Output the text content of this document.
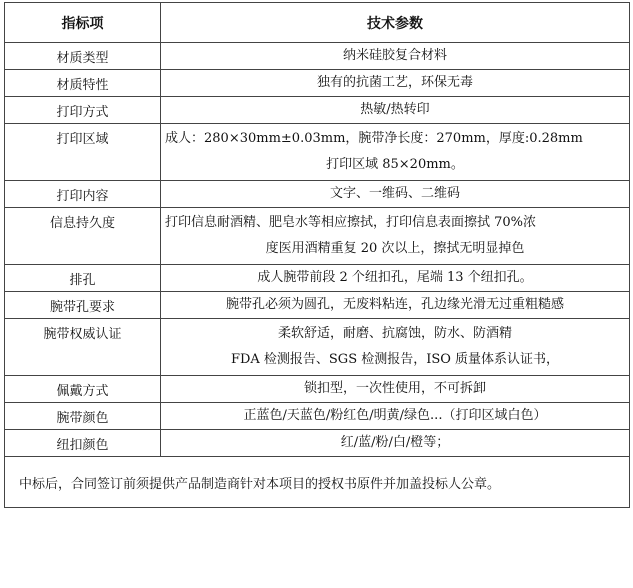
指标项	技术参数
材质类型	纳米硅胶复合材料
材质特性	独有的抗菌工艺，环保无毒
打印方式	热敏/热转印
打印区域	成人：280×30mm±0.03mm，腕带净长度：270mm，厚度:0.28mm
打印区域 85×20mm。

打印内容	文字、一维码、二维码
信息持久度	打印信息耐酒精、肥皂水等相应擦拭，打印信息表面擦拭 70%浓
度医用酒精重复 20 次以上，擦拭无明显掉色

排孔	成人腕带前段 2 个纽扣孔，尾端 13 个纽扣孔。
腕带孔要求	腕带孔必须为圆孔，无废料粘连，孔边缘光滑无过重粗糙感
腕带权威认证	柔软舒适，耐磨、抗腐蚀，防水、防酒精
FDA 检测报告、SGS 检测报告，ISO 质量体系认证书，

佩戴方式	锁扣型，一次性使用，不可拆卸
腕带颜色	正蓝色/天蓝色/粉红色/明黄/绿色...（打印区域白色）
纽扣颜色	红/蓝/粉/白/橙等；
中标后，合同签订前须提供产品制造商针对本项目的授权书原件并加盖投标人公章。	
